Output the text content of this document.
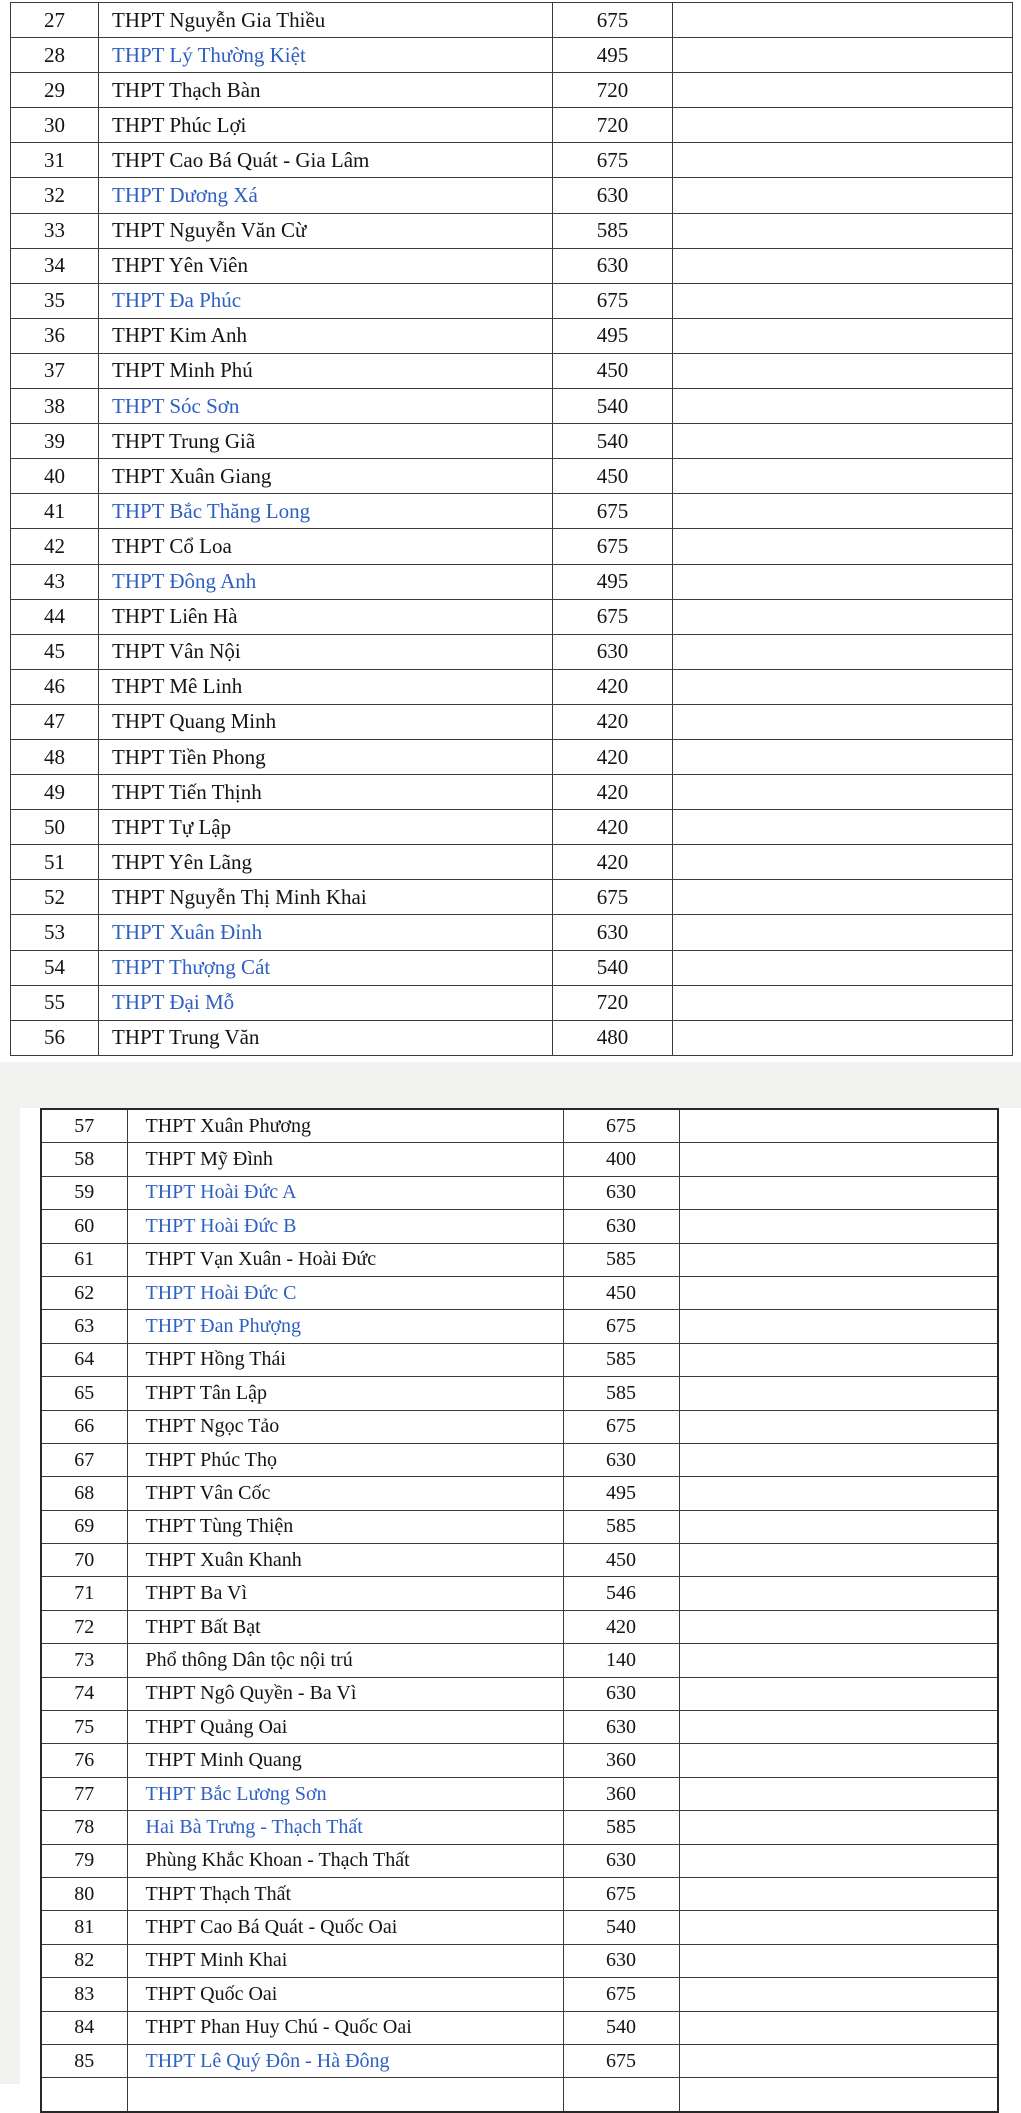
27	THPT Nguyễn Gia Thiều	675	
28	THPT Lý Thường Kiệt	495	
29	THPT Thạch Bàn	720	
30	THPT Phúc Lợi	720	
31	THPT Cao Bá Quát - Gia Lâm	675	
32	THPT Dương Xá	630	
33	THPT Nguyễn Văn Cừ	585	
34	THPT Yên Viên	630	
35	THPT Đa Phúc	675	
36	THPT Kim Anh	495	
37	THPT Minh Phú	450	
38	THPT Sóc Sơn	540	
39	THPT Trung Giã	540	
40	THPT Xuân Giang	450	
41	THPT Bắc Thăng Long	675	
42	THPT Cổ Loa	675	
43	THPT Đông Anh	495	
44	THPT Liên Hà	675	
45	THPT Vân Nội	630	
46	THPT Mê Linh	420	
47	THPT Quang Minh	420	
48	THPT Tiền Phong	420	
49	THPT Tiến Thịnh	420	
50	THPT Tự Lập	420	
51	THPT Yên Lãng	420	
52	THPT Nguyễn Thị Minh Khai	675	
53	THPT Xuân Đỉnh	630	
54	THPT Thượng Cát	540	
55	THPT Đại Mỗ	720	
56	THPT Trung Văn	480	
57	THPT Xuân Phương	675	
58	THPT Mỹ Đình	400	
59	THPT Hoài Đức A	630	
60	THPT Hoài Đức B	630	
61	THPT Vạn Xuân - Hoài Đức	585	
62	THPT Hoài Đức C	450	
63	THPT Đan Phượng	675	
64	THPT Hồng Thái	585	
65	THPT Tân Lập	585	
66	THPT Ngọc Tảo	675	
67	THPT Phúc Thọ	630	
68	THPT Vân Cốc	495	
69	THPT Tùng Thiện	585	
70	THPT Xuân Khanh	450	
71	THPT Ba Vì	546	
72	THPT Bất Bạt	420	
73	Phổ thông Dân tộc nội trú	140	
74	THPT Ngô Quyền - Ba Vì	630	
75	THPT Quảng Oai	630	
76	THPT Minh Quang	360	
77	THPT Bắc Lương Sơn	360	
78	Hai Bà Trưng - Thạch Thất	585	
79	Phùng Khắc Khoan - Thạch Thất	630	
80	THPT Thạch Thất	675	
81	THPT Cao Bá Quát - Quốc Oai	540	
82	THPT Minh Khai	630	
83	THPT Quốc Oai	675	
84	THPT Phan Huy Chú - Quốc Oai	540	
85	THPT Lê Quý Đôn - Hà Đông	675	
